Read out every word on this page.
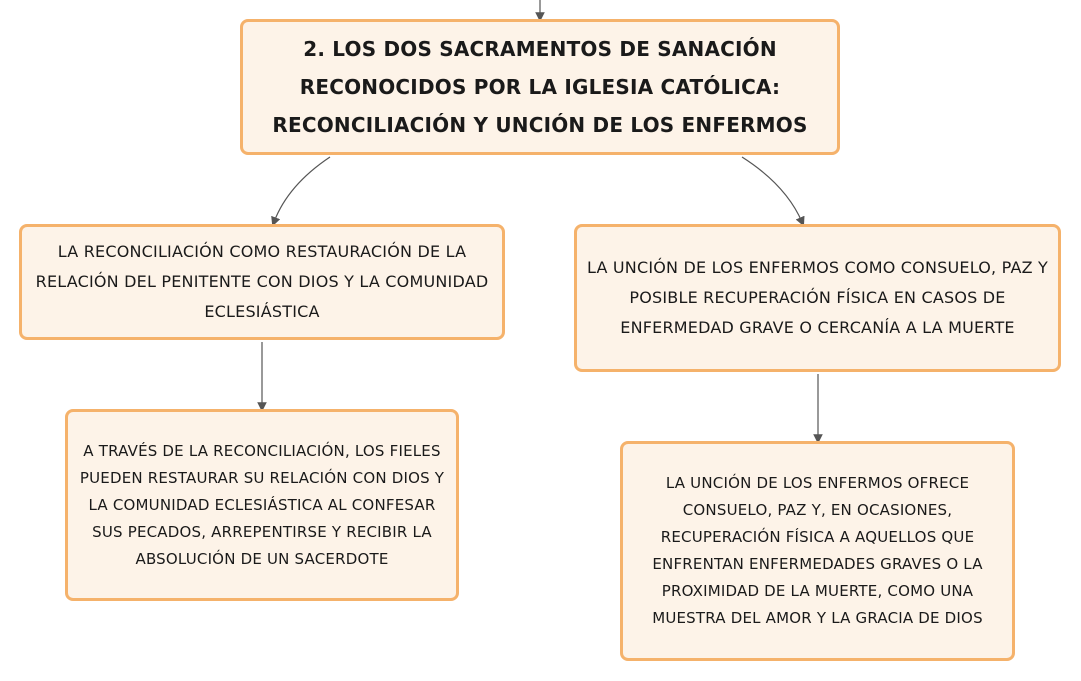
2. LOS DOS SACRAMENTOS DE SANACIÓN RECONOCIDOS POR LA IGLESIA CATÓLICA: RECONCILIACIÓN Y UNCIÓN DE LOS ENFERMOS
LA RECONCILIACIÓN COMO RESTAURACIÓN DE LA RELACIÓN DEL PENITENTE CON DIOS Y LA COMUNIDAD ECLESIÁSTICA
LA UNCIÓN DE LOS ENFERMOS COMO CONSUELO, PAZ Y POSIBLE RECUPERACIÓN FÍSICA EN CASOS DE ENFERMEDAD GRAVE O CERCANÍA A LA MUERTE
A TRAVÉS DE LA RECONCILIACIÓN, LOS FIELES PUEDEN RESTAURAR SU RELACIÓN CON DIOS Y LA COMUNIDAD ECLESIÁSTICA AL CONFESAR SUS PECADOS, ARREPENTIRSE Y RECIBIR LA ABSOLUCIÓN DE UN SACERDOTE
LA UNCIÓN DE LOS ENFERMOS OFRECE CONSUELO, PAZ Y, EN OCASIONES, RECUPERACIÓN FÍSICA A AQUELLOS QUE ENFRENTAN ENFERMEDADES GRAVES O LA PROXIMIDAD DE LA MUERTE, COMO UNA MUESTRA DEL AMOR Y LA GRACIA DE DIOS
